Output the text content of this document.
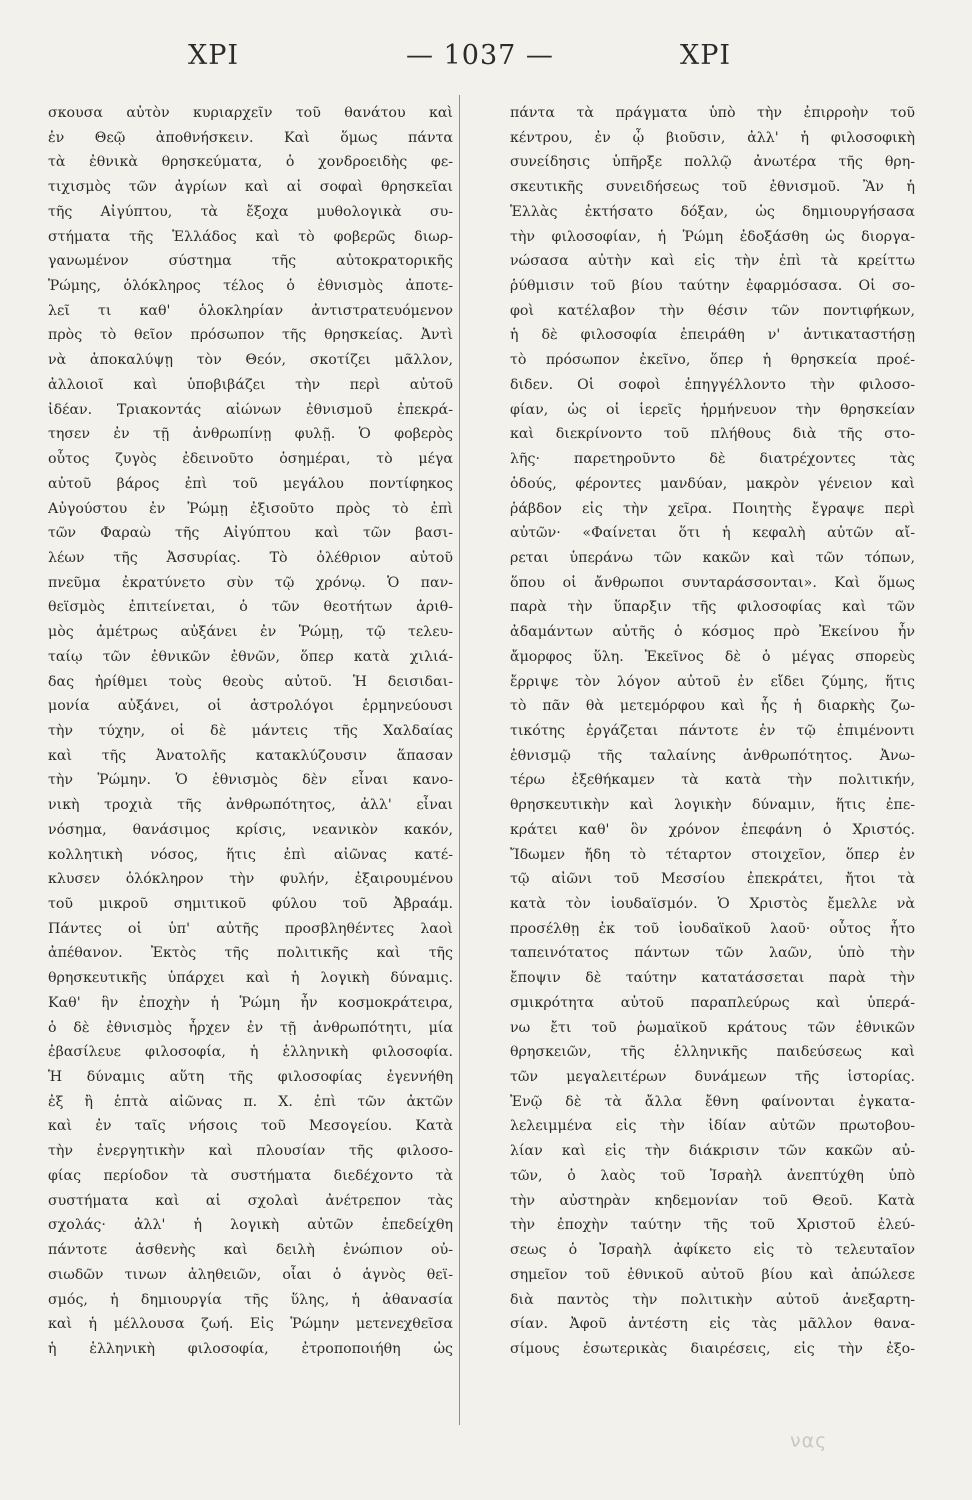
ΧΡΙ	— 1037 —	ΧΡΙ
σκουσα αὐτὸν κυριαρχεῖν τοῦ θανάτου καὶ
ἐν Θεῷ ἀποθνήσκειν. Καὶ ὅμως πάντα
τὰ ἐθνικὰ θρησκεύματα, ὁ χονδροειδὴς φε-
τιχισμὸς τῶν ἀγρίων καὶ αἱ σοφαὶ θρησκεῖαι
τῆς Αἰγύπτου, τὰ ἔξοχα μυθολογικὰ συ-
στήματα τῆς Ἑλλάδος καὶ τὸ φοβερῶς διωρ-
γανωμένον σύστημα τῆς αὐτοκρατορικῆς
Ῥώμης, ὁλόκληρος τέλος ὁ ἐθνισμὸς ἀποτε-
λεῖ τι καθ' ὁλοκληρίαν ἀντιστρατευόμενον
πρὸς τὸ θεῖον πρόσωπον τῆς θρησκείας. Ἀντὶ
νὰ ἀποκαλύψῃ τὸν Θεόν, σκοτίζει μᾶλλον,
ἀλλοιοῖ καὶ ὑποβιβάζει τὴν περὶ αὐτοῦ
ἰδέαν. Τριακοντάς αἰώνων ἐθνισμοῦ ἐπεκρά-
τησεν ἐν τῇ ἀνθρωπίνῃ φυλῇ. Ὁ φοβερὸς
οὗτος ζυγὸς ἐδεινοῦτο ὁσημέραι, τὸ μέγα
αὐτοῦ βάρος ἐπὶ τοῦ μεγάλου ποντίφηκος
Αὐγούστου ἐν Ῥώμῃ ἐξισοῦτο πρὸς τὸ ἐπὶ
τῶν Φαραὼ τῆς Αἰγύπτου καὶ τῶν βασι-
λέων τῆς Ἀσσυρίας. Τὸ ὀλέθριον αὐτοῦ
πνεῦμα ἐκρατύνετο σὺν τῷ χρόνῳ. Ὁ παν-
θεϊσμὸς ἐπιτείνεται, ὁ τῶν θεοτήτων ἀριθ-
μὸς ἀμέτρως αὐξάνει ἐν Ῥώμῃ, τῷ τελευ-
ταίῳ τῶν ἐθνικῶν ἐθνῶν, ὅπερ κατὰ χιλιά-
δας ἠρίθμει τοὺς θεοὺς αὐτοῦ. Ἡ δεισιδαι-
μονία αὐξάνει, οἱ ἀστρολόγοι ἑρμηνεύουσι
τὴν τύχην, οἱ δὲ μάντεις τῆς Χαλδαίας
καὶ τῆς Ἀνατολῆς κατακλύζουσιν ἅπασαν
τὴν Ῥώμην. Ὁ ἐθνισμὸς δὲν εἶναι κανο-
νικὴ τροχιὰ τῆς ἀνθρωπότητος, ἀλλ' εἶναι
νόσημα, θανάσιμος κρίσις, νεανικὸν κακόν,
κολλητικὴ νόσος, ἥτις ἐπὶ αἰῶνας κατέ-
κλυσεν ὁλόκληρον τὴν φυλήν, ἐξαιρουμένου
τοῦ μικροῦ σημιτικοῦ φύλου τοῦ Ἀβραάμ.
Πάντες οἱ ὑπ' αὐτῆς προσβληθέντες λαοὶ
ἀπέθανον. Ἐκτὸς τῆς πολιτικῆς καὶ τῆς
θρησκευτικῆς ὑπάρχει καὶ ἡ λογικὴ δύναμις.
Καθ' ἣν ἐποχὴν ἡ Ῥώμη ἦν κοσμοκράτειρα,
ὁ δὲ ἐθνισμὸς ἦρχεν ἐν τῇ ἀνθρωπότητι, μία
ἐβασίλευε φιλοσοφία, ἡ ἑλληνικὴ φιλοσοφία.
Ἡ δύναμις αὕτη τῆς φιλοσοφίας ἐγεννήθη
ἐξ ἢ ἑπτὰ αἰῶνας π. Χ. ἐπὶ τῶν ἀκτῶν
καὶ ἐν ταῖς νήσοις τοῦ Μεσογείου. Κατὰ
τὴν ἐνεργητικὴν καὶ πλουσίαν τῆς φιλοσο-
φίας περίοδον τὰ συστήματα διεδέχοντο τὰ
συστήματα καὶ αἱ σχολαὶ ἀνέτρεπον τὰς
σχολάς· ἀλλ' ἡ λογικὴ αὐτῶν ἐπεδείχθη
πάντοτε ἀσθενὴς καὶ δειλὴ ἐνώπιον οὐ-
σιωδῶν τινων ἀληθειῶν, οἷαι ὁ ἁγνὸς θεϊ-
σμός, ἡ δημιουργία τῆς ὕλης, ἡ ἀθανασία
καὶ ἡ μέλλουσα ζωή. Εἰς Ῥώμην μετενεχθεῖσα
ἡ ἑλληνικὴ φιλοσοφία, ἐτροποποιήθη ὡς
πάντα τὰ πράγματα ὑπὸ τὴν ἐπιρροὴν τοῦ
κέντρου, ἐν ᾧ βιοῦσιν, ἀλλ' ἡ φιλοσοφικὴ
συνείδησις ὑπῆρξε πολλῷ ἀνωτέρα τῆς θρη-
σκευτικῆς συνειδήσεως τοῦ ἐθνισμοῦ. Ἂν ἡ
Ἑλλὰς ἐκτήσατο δόξαν, ὡς δημιουργήσασα
τὴν φιλοσοφίαν, ἡ Ῥώμη ἐδοξάσθη ὡς διοργα-
νώσασα αὐτὴν καὶ εἰς τὴν ἐπὶ τὰ κρείττω
ῥύθμισιν τοῦ βίου ταύτην ἐφαρμόσασα. Οἱ σο-
φοὶ κατέλαβον τὴν θέσιν τῶν ποντιφήκων,
ἡ δὲ φιλοσοφία ἐπειράθη ν' ἀντικαταστήσῃ
τὸ πρόσωπον ἐκεῖνο, ὅπερ ἡ θρησκεία προέ-
διδεν. Οἱ σοφοὶ ἐπηγγέλλοντο τὴν φιλοσο-
φίαν, ὡς οἱ ἱερεῖς ἡρμήνευον τὴν θρησκείαν
καὶ διεκρίνοντο τοῦ πλήθους διὰ τῆς στο-
λῆς· παρετηροῦντο δὲ διατρέχοντες τὰς
ὁδούς, φέροντες μανδύαν, μακρὸν γένειον καὶ
ῥάβδον εἰς τὴν χεῖρα. Ποιητὴς ἔγραψε περὶ
αὐτῶν· «Φαίνεται ὅτι ἡ κεφαλὴ αὐτῶν αἴ-
ρεται ὑπεράνω τῶν κακῶν καὶ τῶν τόπων,
ὅπου οἱ ἄνθρωποι συνταράσσονται». Καὶ ὅμως
παρὰ τὴν ὕπαρξιν τῆς φιλοσοφίας καὶ τῶν
ἀδαμάντων αὐτῆς ὁ κόσμος πρὸ Ἐκείνου ἦν
ἄμορφος ὕλη. Ἐκεῖνος δὲ ὁ μέγας σπορεὺς
ἔρριψε τὸν λόγον αὐτοῦ ἐν εἴδει ζύμης, ἥτις
τὸ πᾶν θὰ μετεμόρφου καὶ ἧς ἡ διαρκὴς ζω-
τικότης ἐργάζεται πάντοτε ἐν τῷ ἐπιμένοντι
ἐθνισμῷ τῆς ταλαίνης ἀνθρωπότητος. Ἀνω-
τέρω ἐξεθήκαμεν τὰ κατὰ τὴν πολιτικήν,
θρησκευτικὴν καὶ λογικὴν δύναμιν, ἥτις ἐπε-
κράτει καθ' ὃν χρόνον ἐπεφάνη ὁ Χριστός.
Ἴδωμεν ἤδη τὸ τέταρτον στοιχεῖον, ὅπερ ἐν
τῷ αἰῶνι τοῦ Μεσσίου ἐπεκράτει, ἤτοι τὰ
κατὰ τὸν ἰουδαϊσμόν. Ὁ Χριστὸς ἔμελλε νὰ
προσέλθῃ ἐκ τοῦ ἰουδαϊκοῦ λαοῦ· οὗτος ἦτο
ταπεινότατος πάντων τῶν λαῶν, ὑπὸ τὴν
ἔποψιν δὲ ταύτην κατατάσσεται παρὰ τὴν
σμικρότητα αὐτοῦ παραπλεύρως καὶ ὑπερά-
νω ἔτι τοῦ ῥωμαϊκοῦ κράτους τῶν ἐθνικῶν
θρησκειῶν, τῆς ἑλληνικῆς παιδεύσεως καὶ
τῶν μεγαλειτέρων δυνάμεων τῆς ἱστορίας.
Ἐνῷ δὲ τὰ ἄλλα ἔθνη φαίνονται ἐγκατα-
λελειμμένα εἰς τὴν ἰδίαν αὐτῶν πρωτοβου-
λίαν καὶ εἰς τὴν διάκρισιν τῶν κακῶν αὐ-
τῶν, ὁ λαὸς τοῦ Ἰσραὴλ ἀνεπτύχθη ὑπὸ
τὴν αὐστηρὰν κηδεμονίαν τοῦ Θεοῦ. Κατὰ
τὴν ἐποχὴν ταύτην τῆς τοῦ Χριστοῦ ἐλεύ-
σεως ὁ Ἰσραὴλ ἀφίκετο εἰς τὸ τελευταῖον
σημεῖον τοῦ ἐθνικοῦ αὐτοῦ βίου καὶ ἀπώλεσε
διὰ παντὸς τὴν πολιτικὴν αὐτοῦ ἀνεξαρτη-
σίαν. Ἀφοῦ ἀντέστη εἰς τὰς μᾶλλον θανα-
σίμους ἐσωτερικὰς διαιρέσεις, εἰς τὴν ἐξο-
νας
